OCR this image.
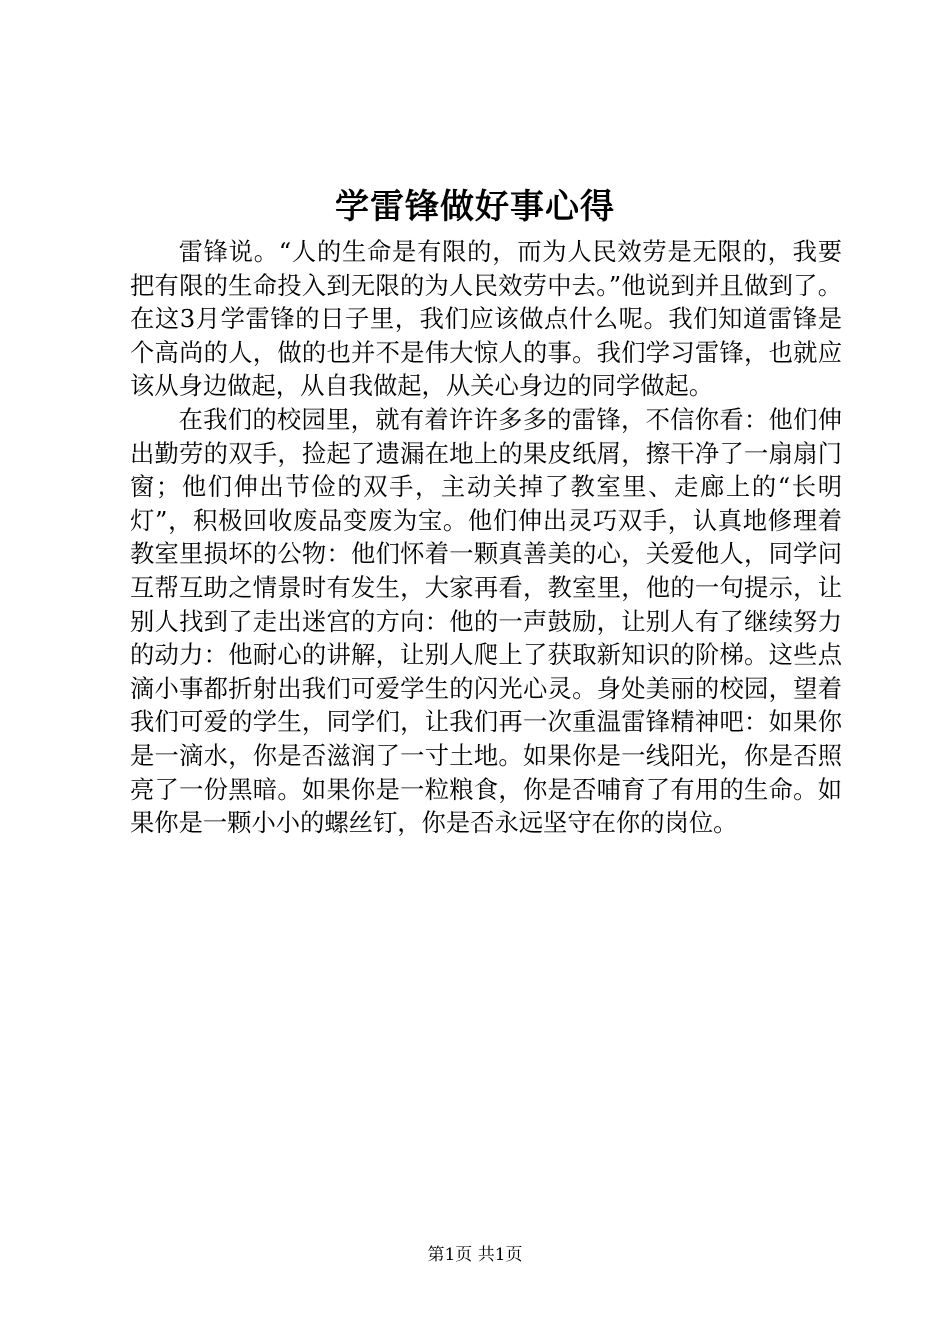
学雷锋做好事心得

雷锋说。“人的生命是有限的，而为人民效劳是无限的，我要把有限的生命投入到无限的为人民效劳中去。”他说到并且做到了。在这3月学雷锋的日子里，我们应该做点什么呢。我们知道雷锋是个高尚的人，做的也并不是伟大惊人的事。我们学习雷锋，也就应该从身边做起，从自我做起，从关心身边的同学做起。

在我们的校园里，就有着许许多多的雷锋，不信你看：他们伸出勤劳的双手，捡起了遗漏在地上的果皮纸屑，擦干净了一扇扇门窗；他们伸出节俭的双手，主动关掉了教室里、走廊上的“长明灯”，积极回收废品变废为宝。他们伸出灵巧双手，认真地修理着教室里损坏的公物：他们怀着一颗真善美的心，关爱他人，同学问互帮互助之情景时有发生，大家再看，教室里，他的一句提示，让别人找到了走出迷宫的方向：他的一声鼓励，让别人有了继续努力的动力：他耐心的讲解，让别人爬上了获取新知识的阶梯。这些点滴小事都折射出我们可爱学生的闪光心灵。身处美丽的校园，望着我们可爱的学生，同学们，让我们再一次重温雷锋精神吧：如果你是一滴水，你是否滋润了一寸土地。如果你是一线阳光，你是否照亮了一份黑暗。如果你是一粒粮食，你是否哺育了有用的生命。如果你是一颗小小的螺丝钉，你是否永远坚守在你的岗位。

第1页 共1页
